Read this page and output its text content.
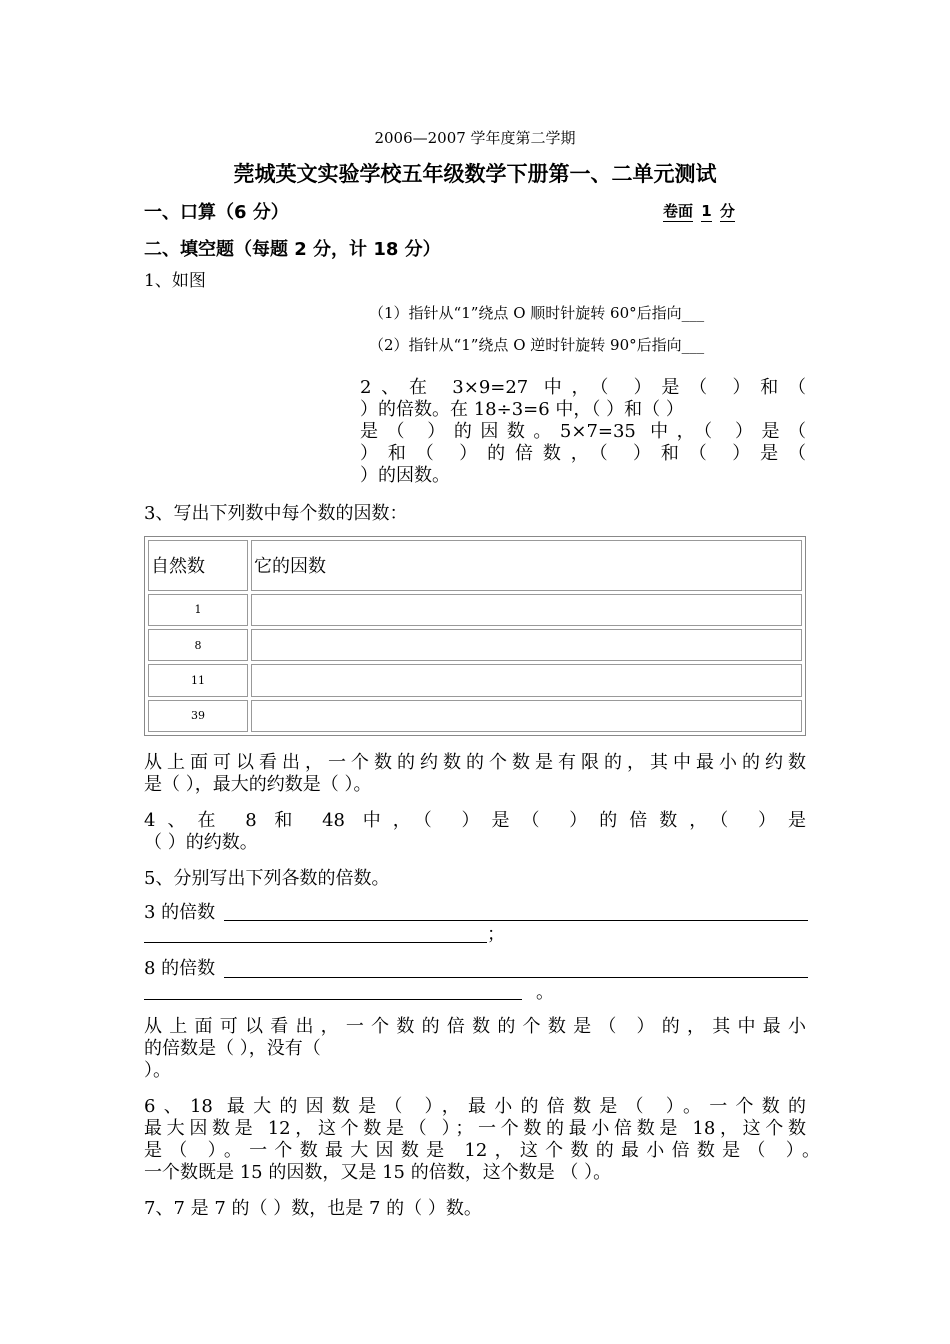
2006—2007 学年度第二学期
莞城英文实验学校五年级数学下册第一、二单元测试
一、口算（6 分）	卷面 1 分
二、填空题（每题 2 分，计 18 分）
1、如图
（1）指针从“1”绕点 O 顺时针旋转 60°后指向___
（2）指针从“1”绕点 O 逆时针旋转 90°后指向___
2、在 3×9=27 中，（ ）是（ ）和（
）的倍数。在 18÷3=6 中，（ ）和（ ）
是（ ）的因数。5×7=35 中，（ ）是（
）和（ ）的倍数，（ ）和（ ）是（
）的因数。
3、写出下列数中每个数的因数：
自然数	它的因数
1	
8	
11	
39	
从上面可以看出，一个数的约数的个数是有限的，其中最小的约数
是（ ），最大的约数是（ ）。
4、在 8 和 48 中，（ ）是（ ）的倍数，（ ）是
（ ）的约数。
5、分别写出下列各数的倍数。
3 的倍数
；
8 的倍数
。
从上面可以看出，一个数的倍数的个数是（ ）的，其中最小
的倍数是（ ），没有（
）。
6、18 最大的因数是（ ），最小的倍数是（ ）。一个数的
最大因数是 12，这个数是（ ）；一个数的最小倍数是 18，这个数
是（ ）。一个数最大因数是 12，这个数的最小倍数是（ ）。
一个数既是 15 的因数，又是 15 的倍数，这个数是 （ ）。
7、7 是 7 的（ ）数，也是 7 的（ ）数。
